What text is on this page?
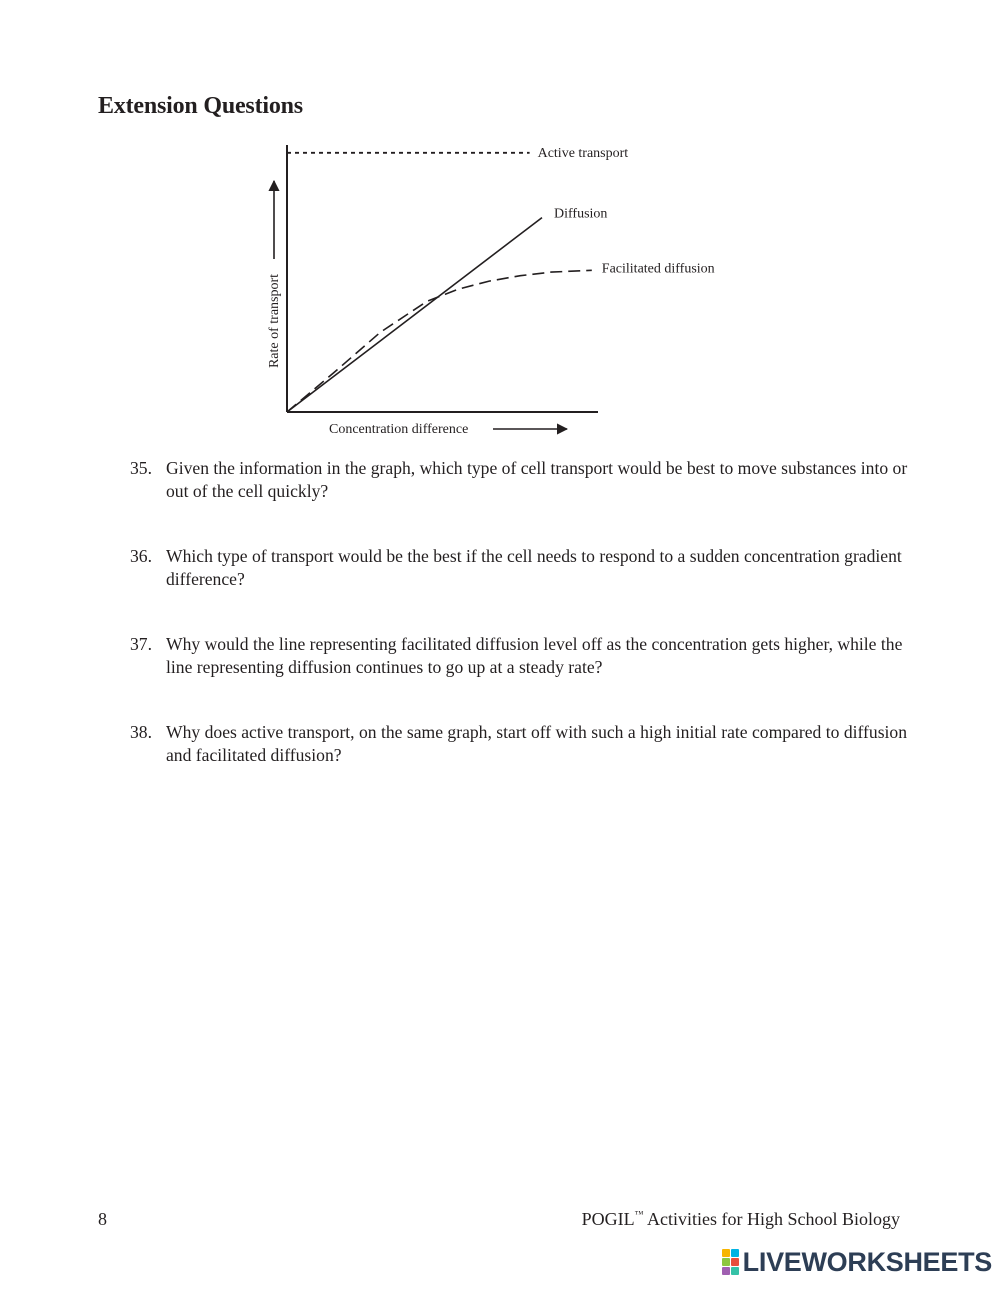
Extension Questions
Rate of transport
Concentration difference
Active transport
Diffusion
Facilitated diffusion
35. Given the information in the graph, which type of cell transport would be best to move substances into or out of the cell quickly?
36. Which type of transport would be the best if the cell needs to respond to a sudden concentration gradient difference?
37. Why would the line representing facilitated diffusion level off as the concentration gets higher, while the line representing diffusion continues to go up at a steady rate?
38. Why does active transport, on the same graph, start off with such a high initial rate compared to diffusion and facilitated diffusion?
8	POGIL™ Activities for High School Biology
LIVEWORKSHEETS
